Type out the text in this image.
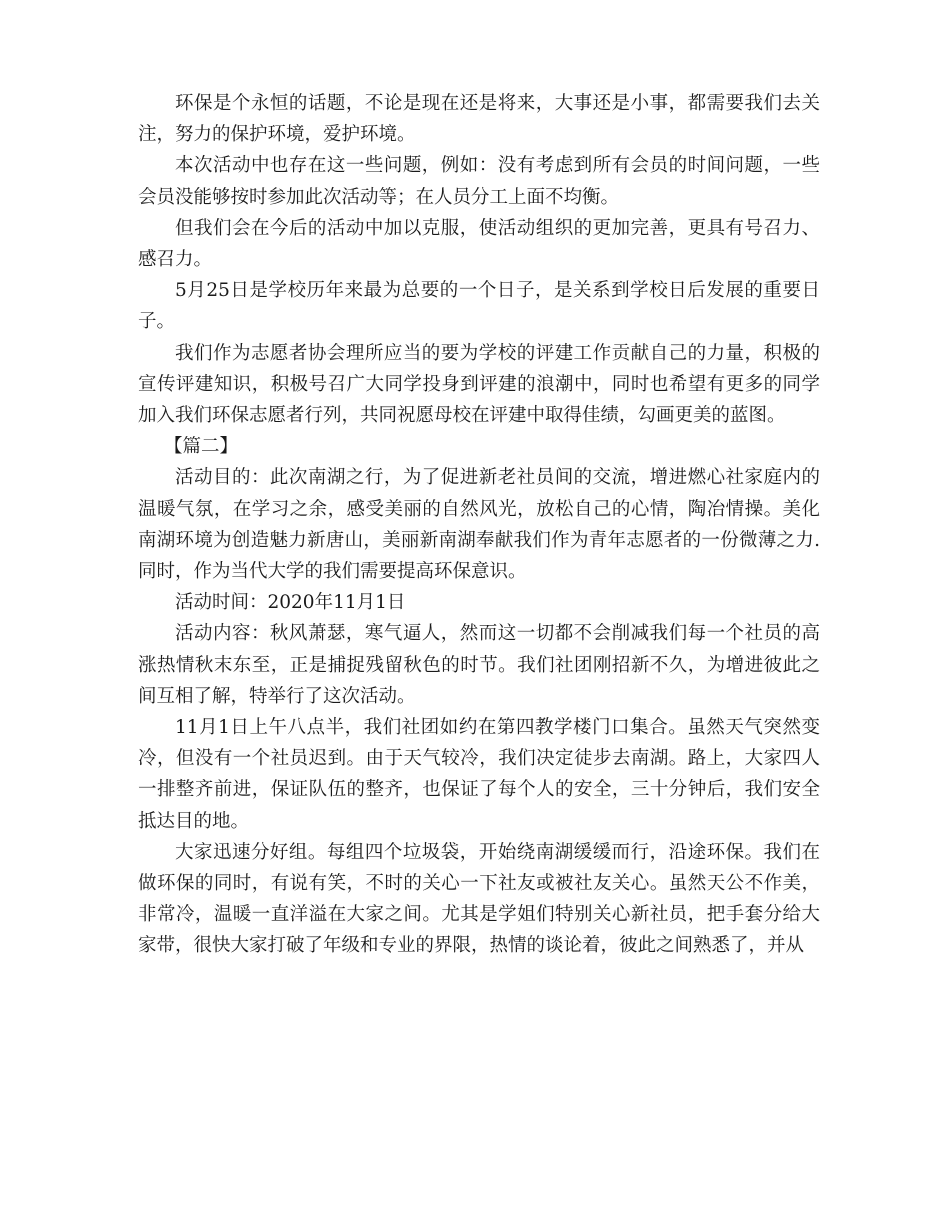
环保是个永恒的话题，不论是现在还是将来，大事还是小事，都需要我们去关注，努力的保护环境，爱护环境。

本次活动中也存在这一些问题，例如：没有考虑到所有会员的时间问题，一些会员没能够按时参加此次活动等；在人员分工上面不均衡。

但我们会在今后的活动中加以克服，使活动组织的更加完善，更具有号召力、感召力。

5月25日是学校历年来最为总要的一个日子，是关系到学校日后发展的重要日子。

我们作为志愿者协会理所应当的要为学校的评建工作贡献自己的力量，积极的宣传评建知识，积极号召广大同学投身到评建的浪潮中，同时也希望有更多的同学加入我们环保志愿者行列，共同祝愿母校在评建中取得佳绩，勾画更美的蓝图。

【篇二】

活动目的：此次南湖之行，为了促进新老社员间的交流，增进燃心社家庭内的温暖气氛，在学习之余，感受美丽的自然风光，放松自己的心情，陶冶情操。美化南湖环境为创造魅力新唐山，美丽新南湖奉献我们作为青年志愿者的一份微薄之力.同时，作为当代大学的我们需要提高环保意识。

活动时间：2020年11月1日

活动内容：秋风萧瑟，寒气逼人，然而这一切都不会削减我们每一个社员的高涨热情秋末东至，正是捕捉残留秋色的时节。我们社团刚招新不久，为增进彼此之间互相了解，特举行了这次活动。

11月1日上午八点半，我们社团如约在第四教学楼门口集合。虽然天气突然变冷，但没有一个社员迟到。由于天气较冷，我们决定徒步去南湖。路上，大家四人一排整齐前进，保证队伍的整齐，也保证了每个人的安全，三十分钟后，我们安全抵达目的地。

大家迅速分好组。每组四个垃圾袋，开始绕南湖缓缓而行，沿途环保。我们在做环保的同时，有说有笑，不时的关心一下社友或被社友关心。虽然天公不作美，非常冷，温暖一直洋溢在大家之间。尤其是学姐们特别关心新社员，把手套分给大家带，很快大家打破了年级和专业的界限，热情的谈论着，彼此之间熟悉了，并从
